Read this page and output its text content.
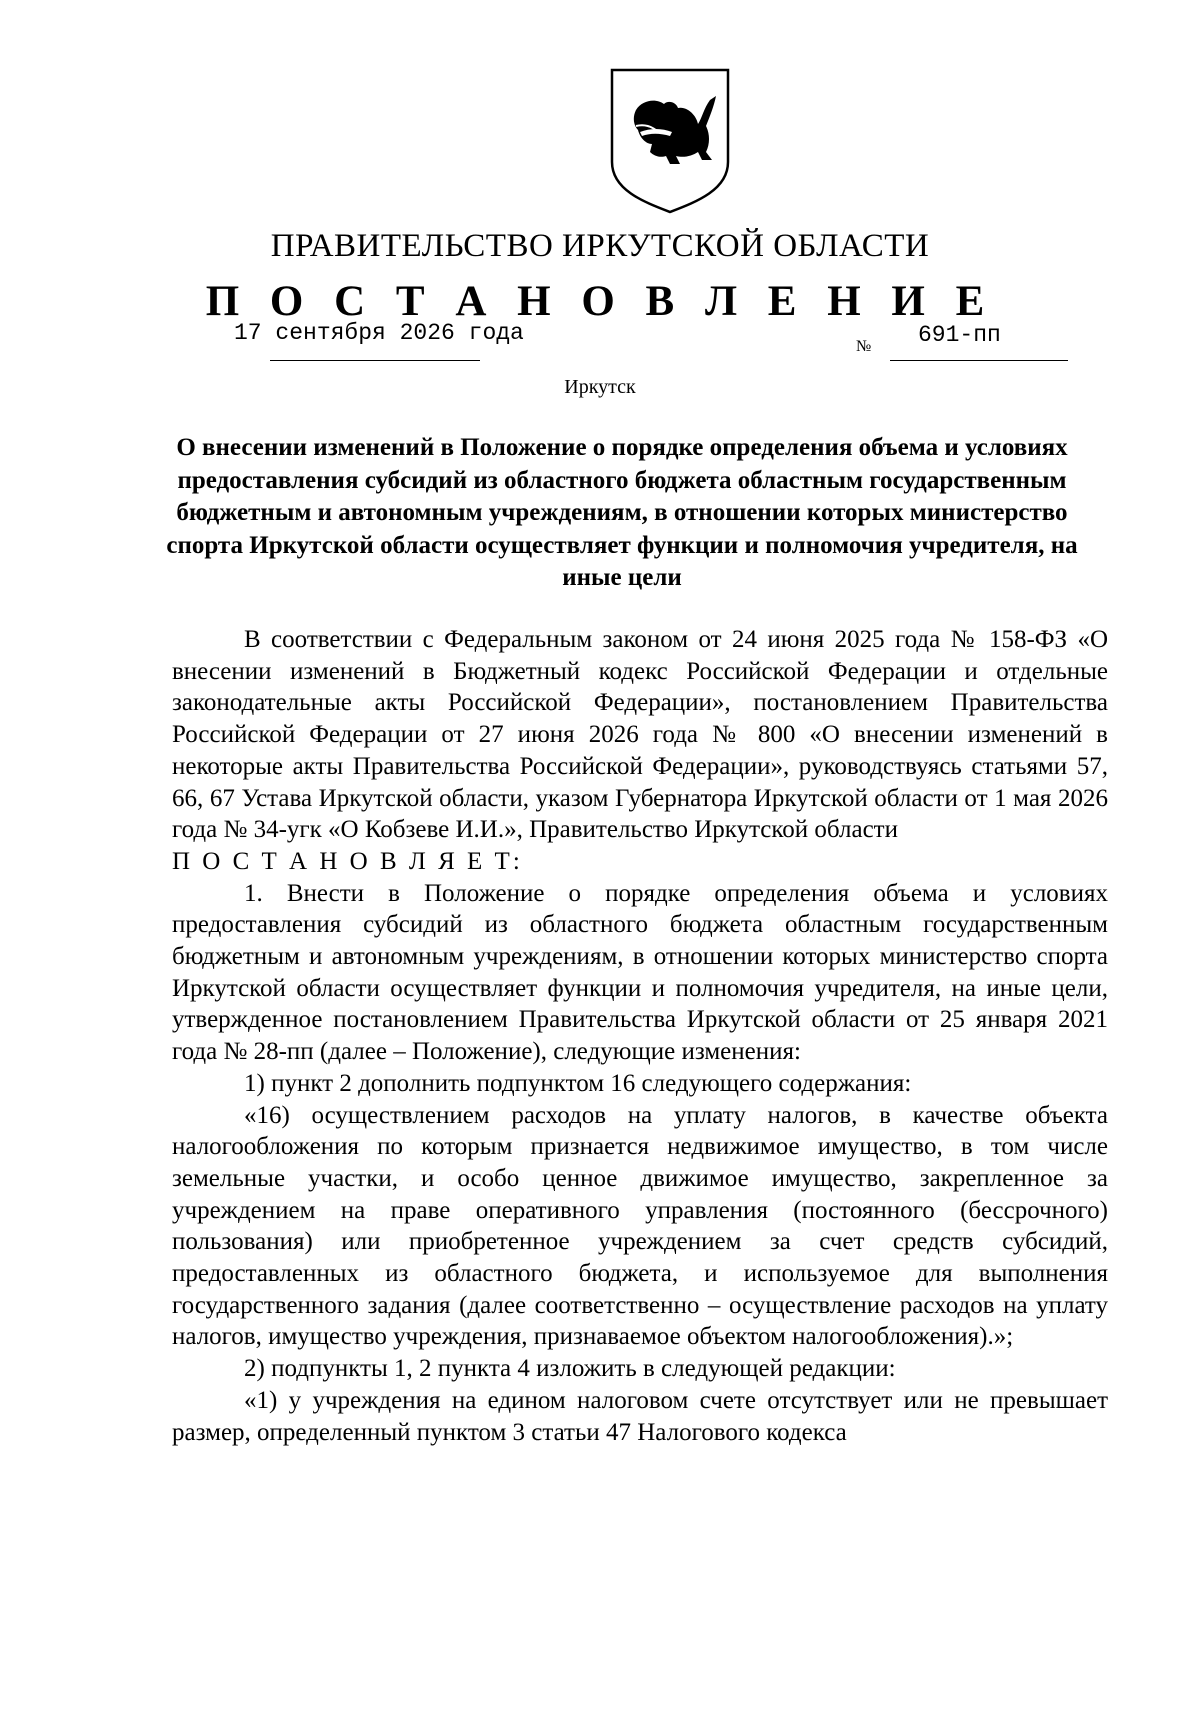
ПРАВИТЕЛЬСТВО ИРКУТСКОЙ ОБЛАСТИ
П О С Т А Н О В Л Е Н И Е
17 сентября 2026 года
№ 691-пп
Иркутск
О внесении изменений в Положение о порядке определения объема и условиях предоставления субсидий из областного бюджета областным государственным бюджетным и автономным учреждениям, в отношении которых министерство спорта Иркутской области осуществляет функции и полномочия учредителя, на иные цели

В соответствии с Федеральным законом от 24 июня 2025 года № 158-ФЗ «О внесении изменений в Бюджетный кодекс Российской Федерации и отдельные законодательные акты Российской Федерации», постановлением Правительства Российской Федерации от 27 июня 2026 года № 800 «О внесении изменений в некоторые акты Правительства Российской Федерации», руководствуясь статьями 57, 66, 67 Устава Иркутской области, указом Губернатора Иркутской области от 1 мая 2026 года № 34-угк «О Кобзеве И.И.», Правительство Иркутской области

П О С Т А Н О В Л Я Е Т:

1. Внести в Положение о порядке определения объема и условиях предоставления субсидий из областного бюджета областным государственным бюджетным и автономным учреждениям, в отношении которых министерство спорта Иркутской области осуществляет функции и полномочия учредителя, на иные цели, утвержденное постановлением Правительства Иркутской области от 25 января 2021 года № 28-пп (далее – Положение), следующие изменения:

1) пункт 2 дополнить подпунктом 16 следующего содержания:

«16) осуществлением расходов на уплату налогов, в качестве объекта налогообложения по которым признается недвижимое имущество, в том числе земельные участки, и особо ценное движимое имущество, закрепленное за учреждением на праве оперативного управления (постоянного (бессрочного) пользования) или приобретенное учреждением за счет средств субсидий, предоставленных из областного бюджета, и используемое для выполнения государственного задания (далее соответственно – осуществление расходов на уплату налогов, имущество учреждения, признаваемое объектом налогообложения).»;

2) подпункты 1, 2 пункта 4 изложить в следующей редакции:

«1) у учреждения на едином налоговом счете отсутствует или не превышает размер, определенный пунктом 3 статьи 47 Налогового кодекса
